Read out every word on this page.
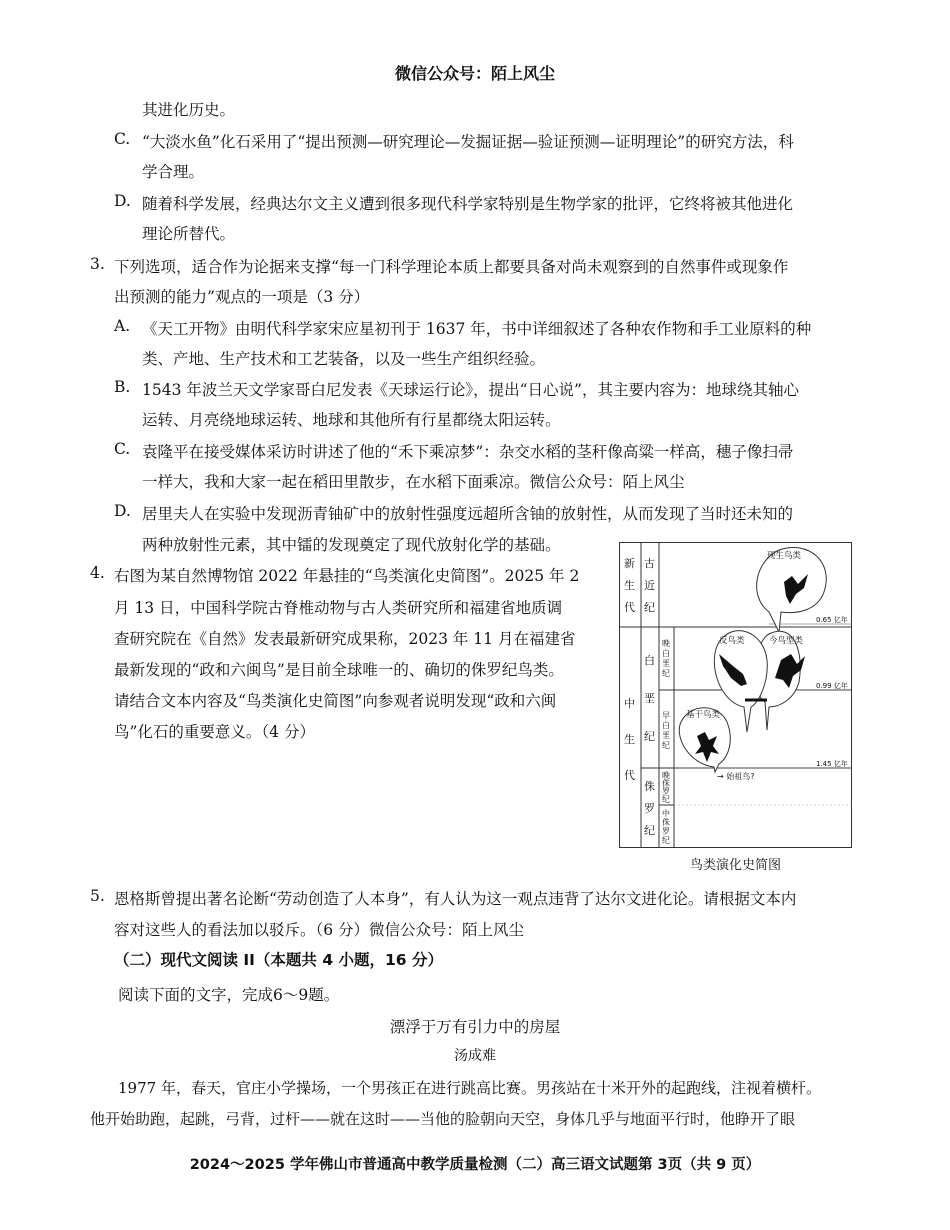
微信公众号：陌上风尘
其进化历史。
C. “大淡水鱼”化石采用了“提出预测—研究理论—发掘证据—验证预测—证明理论”的研究方法，科
学合理。
D. 随着科学发展，经典达尔文主义遭到很多现代科学家特别是生物学家的批评，它终将被其他进化
理论所替代。
3. 下列选项，适合作为论据来支撑“每一门科学理论本质上都要具备对尚未观察到的自然事件或现象作
出预测的能力”观点的一项是（3 分）
A. 《天工开物》由明代科学家宋应星初刊于 1637 年，书中详细叙述了各种农作物和手工业原料的种
类、产地、生产技术和工艺装备，以及一些生产组织经验。
B. 1543 年波兰天文学家哥白尼发表《天球运行论》，提出“日心说”，其主要内容为：地球绕其轴心
运转、月亮绕地球运转、地球和其他所有行星都绕太阳运转。
C. 袁隆平在接受媒体采访时讲述了他的“禾下乘凉梦”：杂交水稻的茎秆像高粱一样高，穗子像扫帚
一样大，我和大家一起在稻田里散步，在水稻下面乘凉。微信公众号：陌上风尘
D. 居里夫人在实验中发现沥青铀矿中的放射性强度远超所含铀的放射性，从而发现了当时还未知的
两种放射性元素，其中镭的发现奠定了现代放射化学的基础。
4. 右图为某自然博物馆 2022 年悬挂的“鸟类演化史简图”。2025 年 2
月 13 日，中国科学院古脊椎动物与古人类研究所和福建省地质调
查研究院在《自然》发表最新研究成果称，2023 年 11 月在福建省
最新发现的“政和六闽鸟”是目前全球唯一的、确切的侏罗纪鸟类。
请结合文本内容及“鸟类演化史简图”向参观者说明发现“政和六闽
鸟”化石的重要意义。（4 分）
新
生
代
古
近
纪
中
生
代
白
垩
纪
侏
罗
纪
晚
白
垩
纪
早
白
垩
纪
晚
侏
罗
纪
中
侏
罗
纪
0.65 亿年
0.99 亿年
1.45 亿年
现生鸟类
今鸟型类
反鸟类
基干鸟类
→ 始祖鸟?
鸟类演化史简图
5. 恩格斯曾提出著名论断“劳动创造了人本身”，有人认为这一观点违背了达尔文进化论。请根据文本内
容对这些人的看法加以驳斥。（6 分）微信公众号：陌上风尘
（二）现代文阅读 II（本题共 4 小题，16 分）
阅读下面的文字，完成6～9题。
漂浮于万有引力中的房屋
汤成难
1977 年，春天，官庄小学操场，一个男孩正在进行跳高比赛。男孩站在十米开外的起跑线，注视着横杆。
他开始助跑，起跳，弓背，过杆——就在这时——当他的脸朝向天空，身体几乎与地面平行时，他睁开了眼
2024～2025 学年佛山市普通高中教学质量检测（二）高三语文试题第 3页（共 9 页）
